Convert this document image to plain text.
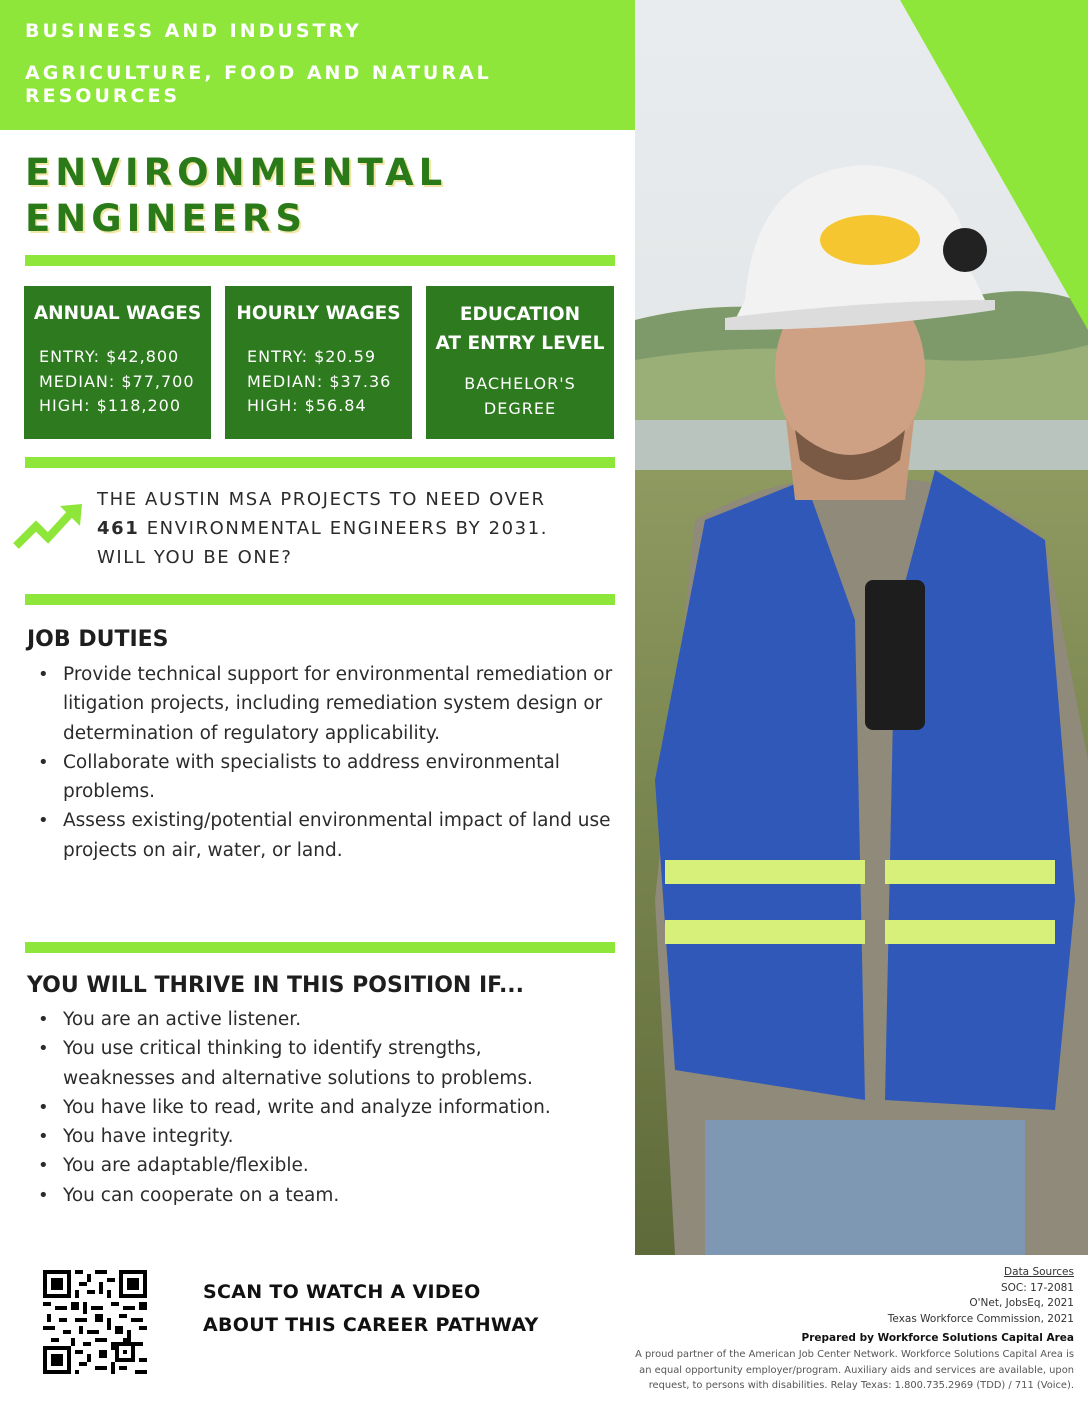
BUSINESS AND INDUSTRY
AGRICULTURE, FOOD AND NATURAL
RESOURCES
ENVIRONMENTAL
ENGINEERS
ANNUAL WAGES
ENTRY: $42,800
MEDIAN: $77,700
HIGH: $118,200
HOURLY WAGES
ENTRY: $20.59
MEDIAN: $37.36
HIGH: $56.84
EDUCATION
AT ENTRY LEVEL
BACHELOR'S
DEGREE
THE AUSTIN MSA PROJECTS TO NEED OVER
461 ENVIRONMENTAL ENGINEERS BY 2031.
WILL YOU BE ONE?
JOB DUTIES
• Provide technical support for environmental remediation or litigation projects, including remediation system design or determination of regulatory applicability.
• Collaborate with specialists to address environmental problems.
• Assess existing/potential environmental impact of land use projects on air, water, or land.
YOU WILL THRIVE IN THIS POSITION IF...
• You are an active listener.
• You use critical thinking to identify strengths, weaknesses and alternative solutions to problems.
• You have like to read, write and analyze information.
• You have integrity.
• You are adaptable/flexible.
• You can cooperate on a team.
SCAN TO WATCH A VIDEO
ABOUT THIS CAREER PATHWAY
Data Sources
SOC: 17-2081
O'Net, JobsEq, 2021
Texas Workforce Commission, 2021
Prepared by Workforce Solutions Capital Area
A proud partner of the American Job Center Network. Workforce Solutions Capital Area is
an equal opportunity employer/program. Auxiliary aids and services are available, upon
request, to persons with disabilities. Relay Texas: 1.800.735.2969 (TDD) / 711 (Voice).
